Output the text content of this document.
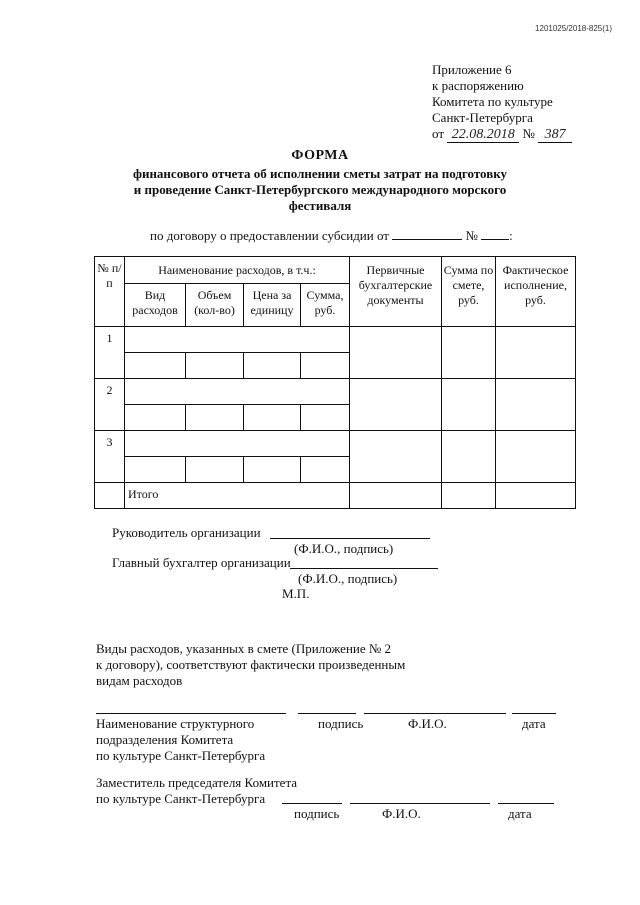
1201025/2018-825(1)
Приложение 6
к распоряжению
Комитета по культуре
Санкт-Петербурга
от 22.08.2018 № 387
ФОРМА
финансового отчета об исполнении сметы затрат на подготовку
и проведение Санкт-Петербургского международного морского
фестиваля
по договору о предоставлении субсидии от	№ :
№ п/п	Наименование расходов, в т.ч.:				Первичные бухгалтерские документы	Сумма по смете, руб.	Фактическое исполнение, руб.
	Вид расходов	Объем (кол-во)	Цена за единицу	Сумма, руб.			
1							

2							

3							

	Итого						
Руководитель организации
(Ф.И.О., подпись)
Главный бухгалтер организации
(Ф.И.О., подпись)
М.П.
Виды расходов, указанных в смете (Приложение № 2
к договору), соответствуют фактически произведенным
видам расходов
Наименование структурного
подразделения Комитета
по культуре Санкт-Петербурга
подпись	Ф.И.О.	дата
Заместитель председателя Комитета
по культуре Санкт-Петербурга
подпись	Ф.И.О.	дата
